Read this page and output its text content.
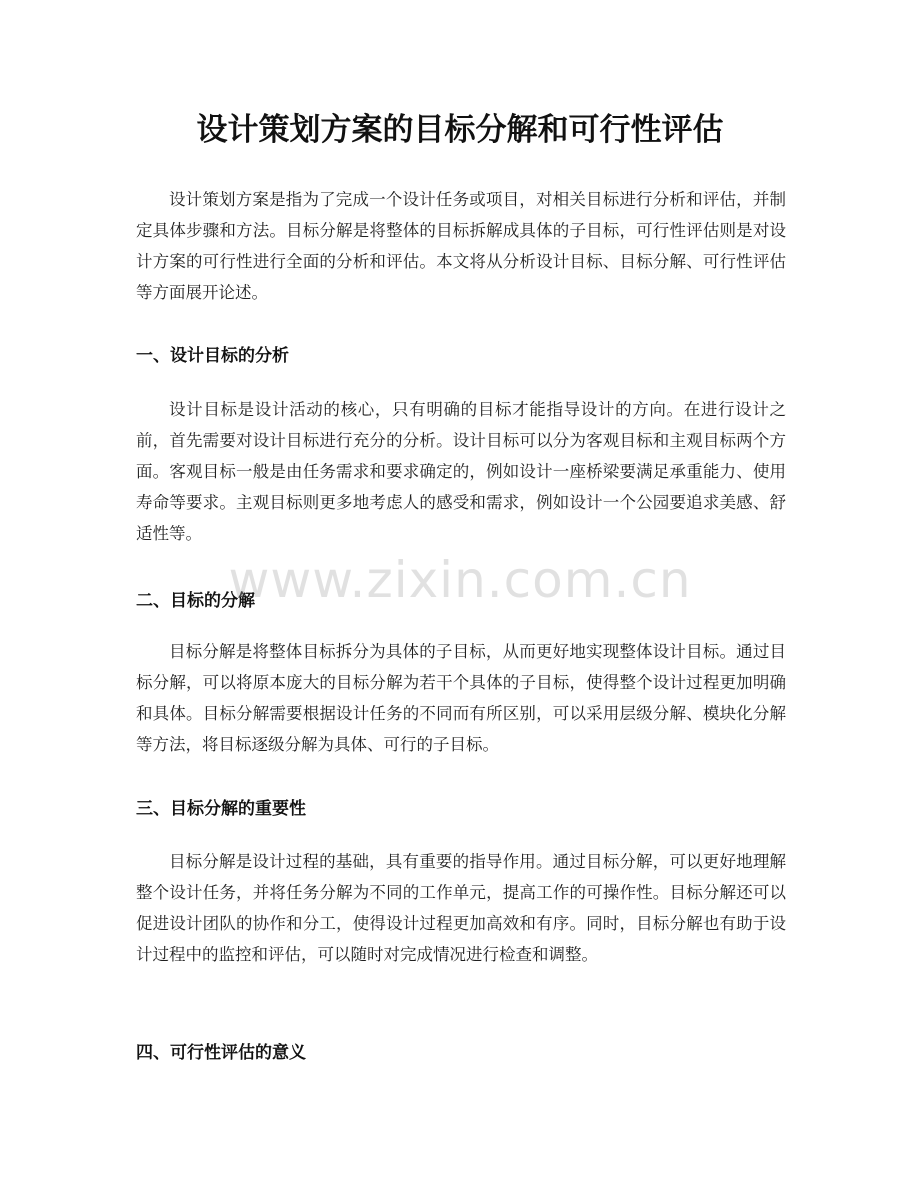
设计策划方案的目标分解和可行性评估

设计策划方案是指为了完成一个设计任务或项目，对相关目标进行分析和评估，并制定具体步骤和方法。目标分解是将整体的目标拆解成具体的子目标，可行性评估则是对设计方案的可行性进行全面的分析和评估。本文将从分析设计目标、目标分解、可行性评估等方面展开论述。

一、设计目标的分析

设计目标是设计活动的核心，只有明确的目标才能指导设计的方向。在进行设计之前，首先需要对设计目标进行充分的分析。设计目标可以分为客观目标和主观目标两个方面。客观目标一般是由任务需求和要求确定的，例如设计一座桥梁要满足承重能力、使用寿命等要求。主观目标则更多地考虑人的感受和需求，例如设计一个公园要追求美感、舒适性等。

二、目标的分解

目标分解是将整体目标拆分为具体的子目标，从而更好地实现整体设计目标。通过目标分解，可以将原本庞大的目标分解为若干个具体的子目标，使得整个设计过程更加明确和具体。目标分解需要根据设计任务的不同而有所区别，可以采用层级分解、模块化分解等方法，将目标逐级分解为具体、可行的子目标。

三、目标分解的重要性

目标分解是设计过程的基础，具有重要的指导作用。通过目标分解，可以更好地理解整个设计任务，并将任务分解为不同的工作单元，提高工作的可操作性。目标分解还可以促进设计团队的协作和分工，使得设计过程更加高效和有序。同时，目标分解也有助于设计过程中的监控和评估，可以随时对完成情况进行检查和调整。

四、可行性评估的意义
www.zixin.com.cn
